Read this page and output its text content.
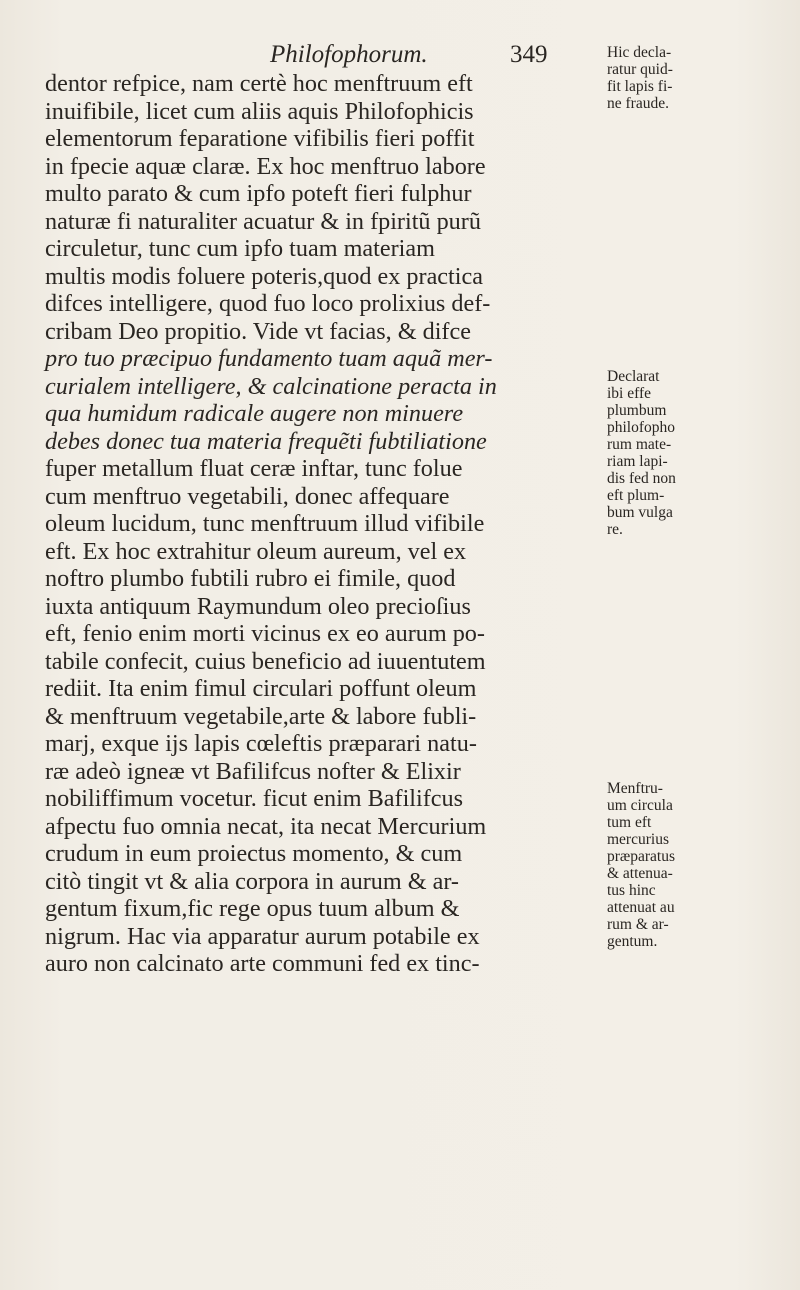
Philofophorum.	349
dentor refpice, nam certè hoc menftruum eft
inuifibile, licet cum aliis aquis Philofophicis
elementorum feparatione vifibilis fieri poffit
in fpecie aquæ claræ. Ex hoc menftruo labore
multo parato & cum ipfo poteft fieri fulphur
naturæ fi naturaliter acuatur & in fpiritũ purũ
circuletur, tunc cum ipfo tuam materiam
multis modis foluere poteris,quod ex practica
difces intelligere, quod fuo loco prolixius def-
cribam Deo propitio. Vide vt facias, & difce
pro tuo præcipuo fundamento tuam aquã mer-
curialem intelligere, & calcinatione peracta in
qua humidum radicale augere non minuere
debes donec tua materia frequẽti fubtiliatione
fuper metallum fluat ceræ inftar, tunc folue
cum menftruo vegetabili, donec affequare
oleum lucidum, tunc menftruum illud vifibile
eft. Ex hoc extrahitur oleum aureum, vel ex
noftro plumbo fubtili rubro ei fimile, quod
iuxta antiquum Raymundum oleo precioſius
eft, fenio enim morti vicinus ex eo aurum po-
tabile confecit, cuius beneficio ad iuuentutem
rediit. Ita enim fimul circulari poffunt oleum
& menftruum vegetabile,arte & labore fubli-
marj, exque ijs lapis cœleftis præparari natu-
ræ adeò igneæ vt Bafilifcus nofter & Elixir
nobiliffimum vocetur. ficut enim Bafilifcus
afpectu fuo omnia necat, ita necat Mercurium
crudum in eum proiectus momento, & cum
citò tingit vt & alia corpora in aurum & ar-
gentum fixum,fic rege opus tuum album &
nigrum. Hac via apparatur aurum potabile ex
auro non calcinato arte communi fed ex tinc-
Hic decla-
ratur quid-
fit lapis fi-
ne fraude.
Declarat
ibi effe
plumbum
philofopho
rum mate-
riam lapi-
dis fed non
eft plum-
bum vulga
re.
Menftru-
um circula
tum eft
mercurius
præparatus
& attenua-
tus hinc
attenuat au
rum & ar-
gentum.
